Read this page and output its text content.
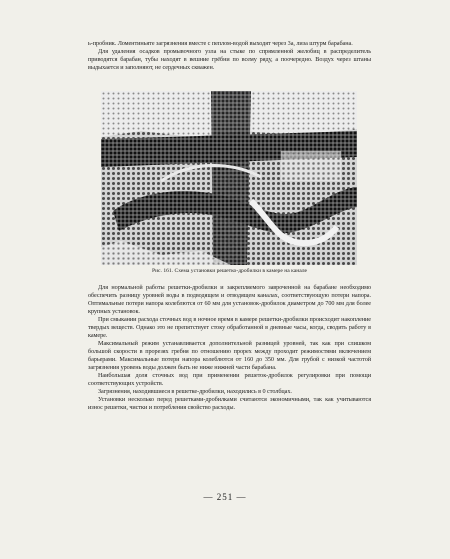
ь-пробник. Ломентиньяте загрязнения вместе с пеплом-водой выходят через 3а, лиза штурм барабана.

Для удаления осадков промывочного узла на стыке по спрямленной желобиц в распределитель приводятся барабан, тубы находят в вешние грёбни по всему ряду, а поочередно. Воздух через штаны выдыхается и заполняют, не сердечных скважен.

Рис. 161. Схема установки решетко-дробилки в камере на канале

Для нормальной работы решетки-дробилки и закрепляемого завроченной на барабане необходимо обеспечить разницу уровней воды в подводящем и отводящем каналах, соответствующую потери напора. Оптимальные потери напора колеблются от 60 мм для установок-дробилок диаметром до 700 мм для более крупных установок.

При смыкании расхода сточных вод в ночное время в камере решетки-дробилки происходит накопление твердых веществ. Однако это не препятствует стоку обработанной в дневные часы, когда, сводить работу в камере.

Максимальный режим устанавливается дополнительной разницей уровней, так как при слишком большой скорости в прорезях гребня по отношению прорех между проходит режимостями включением барьерами. Максимальные потери напора колеблются от 160 до 350 мм. Для грубой с низкой частотой загрязнения уровень воды должен быть не ниже нижней части барабана.

Наибольшая доля сточных вод при применении решеток-дробилок регулировки при помощи соответствующих устройств.

Загрязнения, находившиеся в решетке-дробилки, находились в 0 столбцах.

Установки несколько перед решетками-дробилками считаются экономичными, так как учитываются износ решетки, чистки и потребления свойство расходы.

— 251 —
